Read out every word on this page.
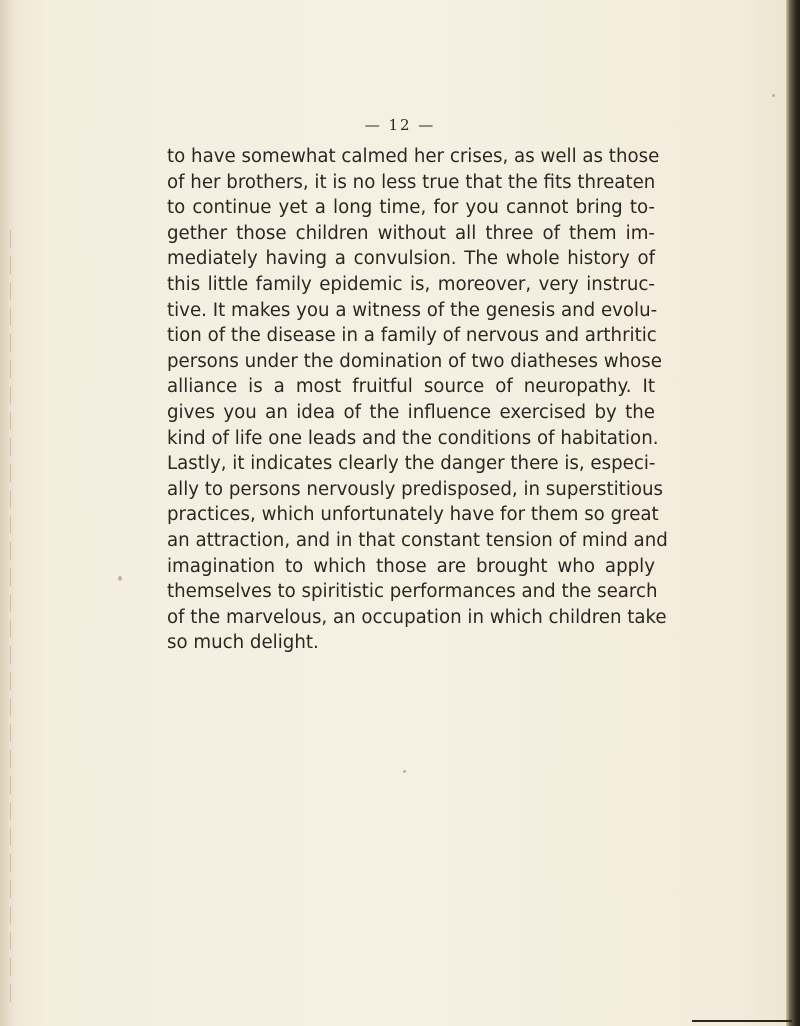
— 12 —
to have somewhat calmed her crises, as well as those
of her brothers, it is no less true that the fits threaten
to continue yet a long time, for you cannot bring to-
gether those children without all three of them im-
mediately having a convulsion. The whole history of
this little family epidemic is, moreover, very instruc-
tive. It makes you a witness of the genesis and evolu-
tion of the disease in a family of nervous and arthritic
persons under the domination of two diatheses whose
alliance is a most fruitful source of neuropathy. It
gives you an idea of the influence exercised by the
kind of life one leads and the conditions of habitation.
Lastly, it indicates clearly the danger there is, especi-
ally to persons nervously predisposed, in superstitious
practices, which unfortunately have for them so great
an attraction, and in that constant tension of mind and
imagination to which those are brought who apply
themselves to spiritistic performances and the search
of the marvelous, an occupation in which children take
so much delight.
